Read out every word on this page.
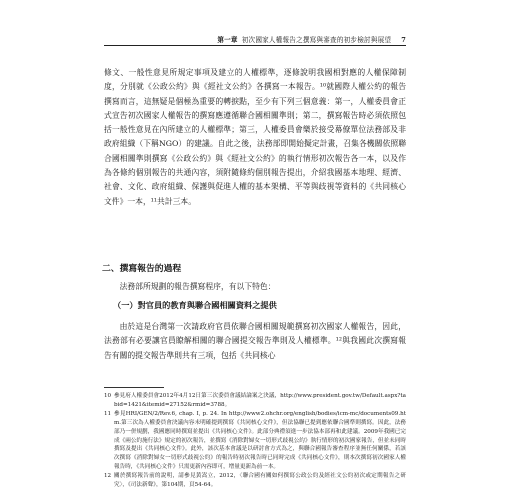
第一章 初次國家人權報告之撰寫與審查的初步檢討與展望 7

條文、一般性意見所規定事項及建立的人權標準，逐條說明我國相對應的人權保障制度，分別就《公政公約》與《經社文公約》各撰寫一本報告。¹⁰就國際人權公約的報告撰寫而言，這無疑是個極為重要的轉捩點，至少有下列三個意義：第一，人權委員會正式宣告初次國家人權報告的撰寫應遵循聯合國相關準則；第二，撰寫報告時必須依照包括一般性意見在內所建立的人權標準；第三，人權委員會樂於接受幕僚單位法務部及非政府組織（下稱NGO）的建議。自此之後，法務部即開始擬定計畫，召集各機關依照聯合國相關準則撰寫《公政公約》與《經社文公約》的執行情形初次報告各一本，以及作為各條約個別報告的共通內容，須附隨條約個別報告提出，介紹我國基本地理、經濟、社會、文化、政府組織、保護與促進人權的基本架構、平等與歧視等資料的《共同核心文件》一本，¹¹共計三本。

二、撰寫報告的過程

法務部所規劃的報告撰寫程序，有以下特色：

（一）對官員的教育與聯合國相關資料之提供

由於這是台灣第一次請政府官員依聯合國相關規範撰寫初次國家人權報告，因此，法務部有必要讓官員瞭解相關的聯合國提交報告準則及人權標準。¹²與我國此次撰寫報告有關的提交報告準則共有三項，包括《共同核心

10 參見府人權委員會2012年4月12日第三次委員會議結論案之決議，http://www.president.gov.tw/Default.aspx?tabid=1421&itemid=27152&rmid=3788。
11 參見HRI/GEN/2/Rev.6, chap. I, p. 24. In http://www2.ohchr.org/english/bodies/icm-mc/documents09.htm.第三次為人權委員會決議內容未明確提到撰寫《共同核心文件》，但法協聯已提到應依聯合國準則撰寫。因此，法務部乃一併規劃，我國應同時撰寫並提出《共同核心文件》。此部分典禮須進一步法協本部再和此建議。2009年我國已完成《兩公約施行法》規定的初次報告，並撰寫《消除對婦女一切形式歧視公約》執行情形的初次國家報告，但並未同時撰寫及提出《共同核心文件》。此外，該次基本會議是以研討會方式為之，與聯合國報告審查程序並無任何關係，若該次撰寫《消除對婦女一切形式歧視公約》的報告時初次報告時已同時完成《共同核心文件》，則本次撰寫初次國家人權報告時，《共同核心文件》只需更新內容即可，增量更新為前一本。
12 關於撰寫報告前的說明，請參見黃嵩立，2012，〈聯合國有關如何撰寫公政公約及經社文公約初次或定期報告之研究〉，《司法新聲》，第104期，頁54-64。
